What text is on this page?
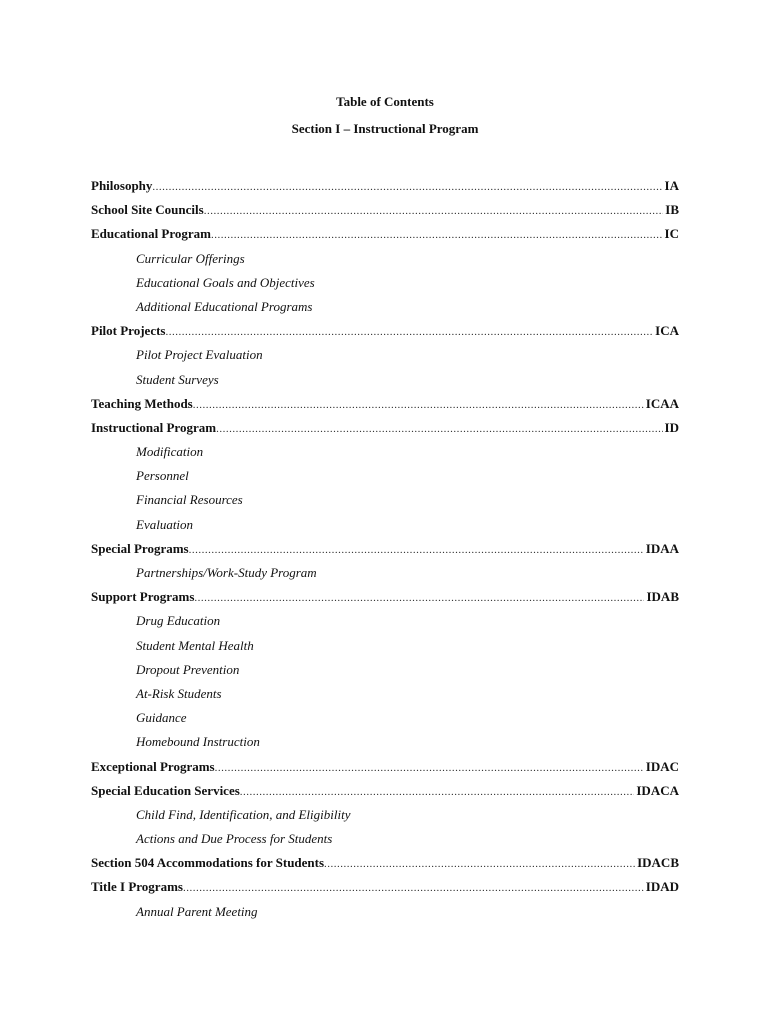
Table of Contents
Section I – Instructional Program
Philosophy .....	IA
School Site Councils .....	IB
Educational Program .....	IC
Curricular Offerings
Educational Goals and Objectives
Additional Educational Programs
Pilot Projects .....	ICA
Pilot Project Evaluation
Student Surveys
Teaching Methods .....	ICAA
Instructional Program .....	ID
Modification
Personnel
Financial Resources
Evaluation
Special Programs .....	IDAA
Partnerships/Work-Study Program
Support Programs .....	IDAB
Drug Education
Student Mental Health
Dropout Prevention
At-Risk Students
Guidance
Homebound Instruction
Exceptional Programs .....	IDAC
Special Education Services .....	IDACA
Child Find, Identification, and Eligibility
Actions and Due Process for Students
Section 504 Accommodations for Students .....	IDACB
Title I Programs .....	IDAD
Annual Parent Meeting
